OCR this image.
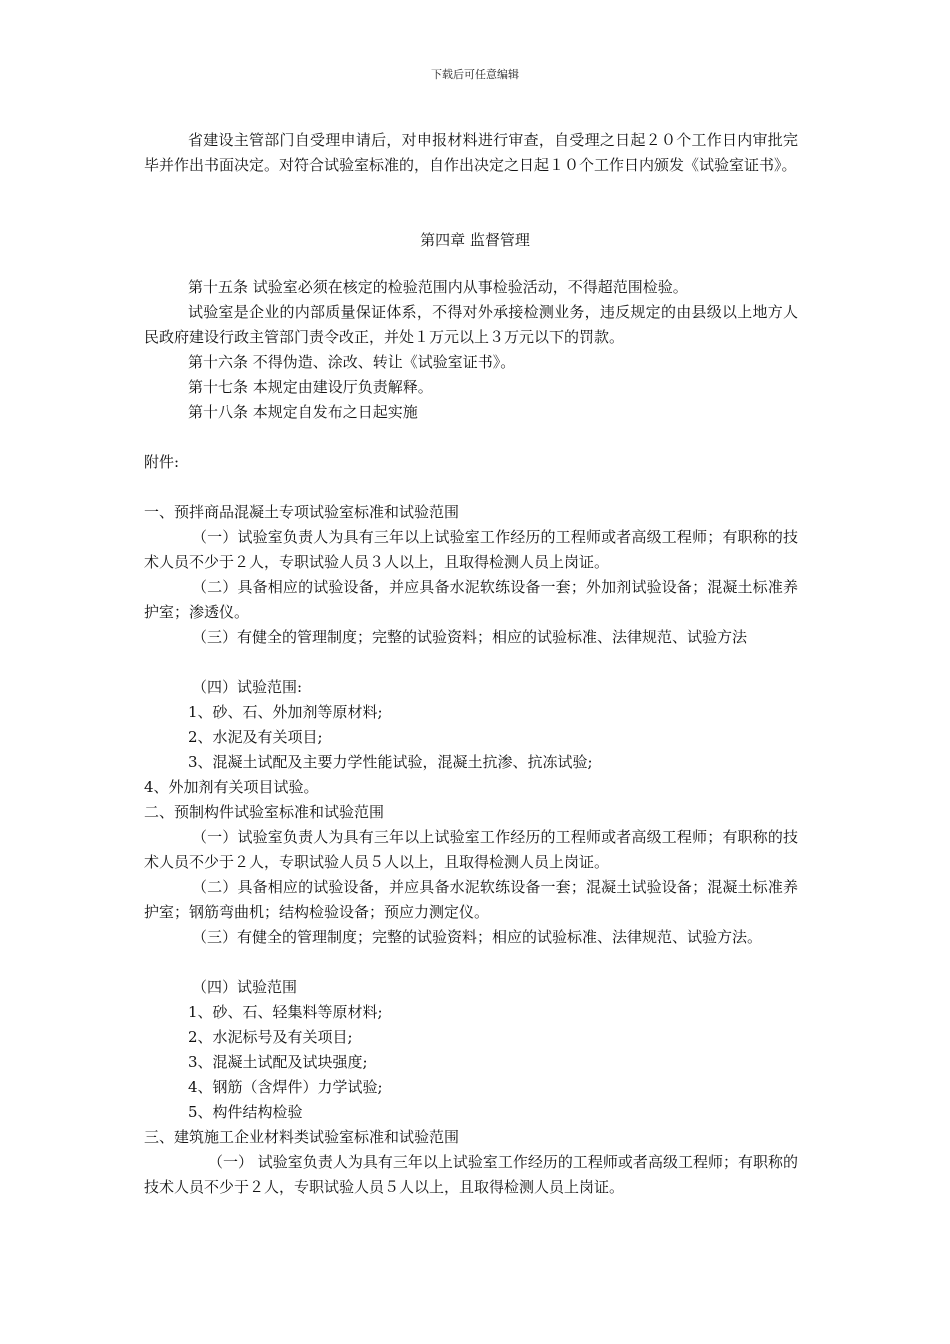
下载后可任意编辑

省建设主管部门自受理申请后，对申报材料进行审查，自受理之日起２０个工作日内审批完毕并作出书面决定。对符合试验室标准的，自作出决定之日起１０个工作日内颁发《试验室证书》。

第四章 监督管理
第十五条 试验室必须在核定的检验范围内从事检验活动，不得超范围检验。

试验室是企业的内部质量保证体系，不得对外承接检测业务，违反规定的由县级以上地方人民政府建设行政主管部门责令改正，并处１万元以上３万元以下的罚款。

第十六条 不得伪造、涂改、转让《试验室证书》。
第十七条 本规定由建设厅负责解释。
第十八条 本规定自发布之日起实施
附件:
一、预拌商品混凝土专项试验室标准和试验范围

（一）试验室负责人为具有三年以上试验室工作经历的工程师或者高级工程师；有职称的技术人员不少于２人，专职试验人员３人以上，且取得检测人员上岗证。

（二）具备相应的试验设备，并应具备水泥软练设备一套；外加剂试验设备；混凝土标准养护室；渗透仪。

（三）有健全的管理制度；完整的试验资料；相应的试验标准、法律规范、试验方法

（四）试验范围:
1、砂、石、外加剂等原材料;
2、水泥及有关项目;
3、混凝土试配及主要力学性能试验，混凝土抗渗、抗冻试验;
4、外加剂有关项目试验。
二、预制构件试验室标准和试验范围

（一）试验室负责人为具有三年以上试验室工作经历的工程师或者高级工程师；有职称的技术人员不少于２人，专职试验人员５人以上，且取得检测人员上岗证。

（二）具备相应的试验设备，并应具备水泥软练设备一套；混凝土试验设备；混凝土标准养护室；钢筋弯曲机；结构检验设备；预应力测定仪。

（三）有健全的管理制度；完整的试验资料；相应的试验标准、法律规范、试验方法。

（四）试验范围
1、砂、石、轻集料等原材料;
2、水泥标号及有关项目;
3、混凝土试配及试块强度;
4、钢筋（含焊件）力学试验;
5、构件结构检验
三、建筑施工企业材料类试验室标准和试验范围

（一） 试验室负责人为具有三年以上试验室工作经历的工程师或者高级工程师；有职称的技术人员不少于２人，专职试验人员５人以上，且取得检测人员上岗证。
